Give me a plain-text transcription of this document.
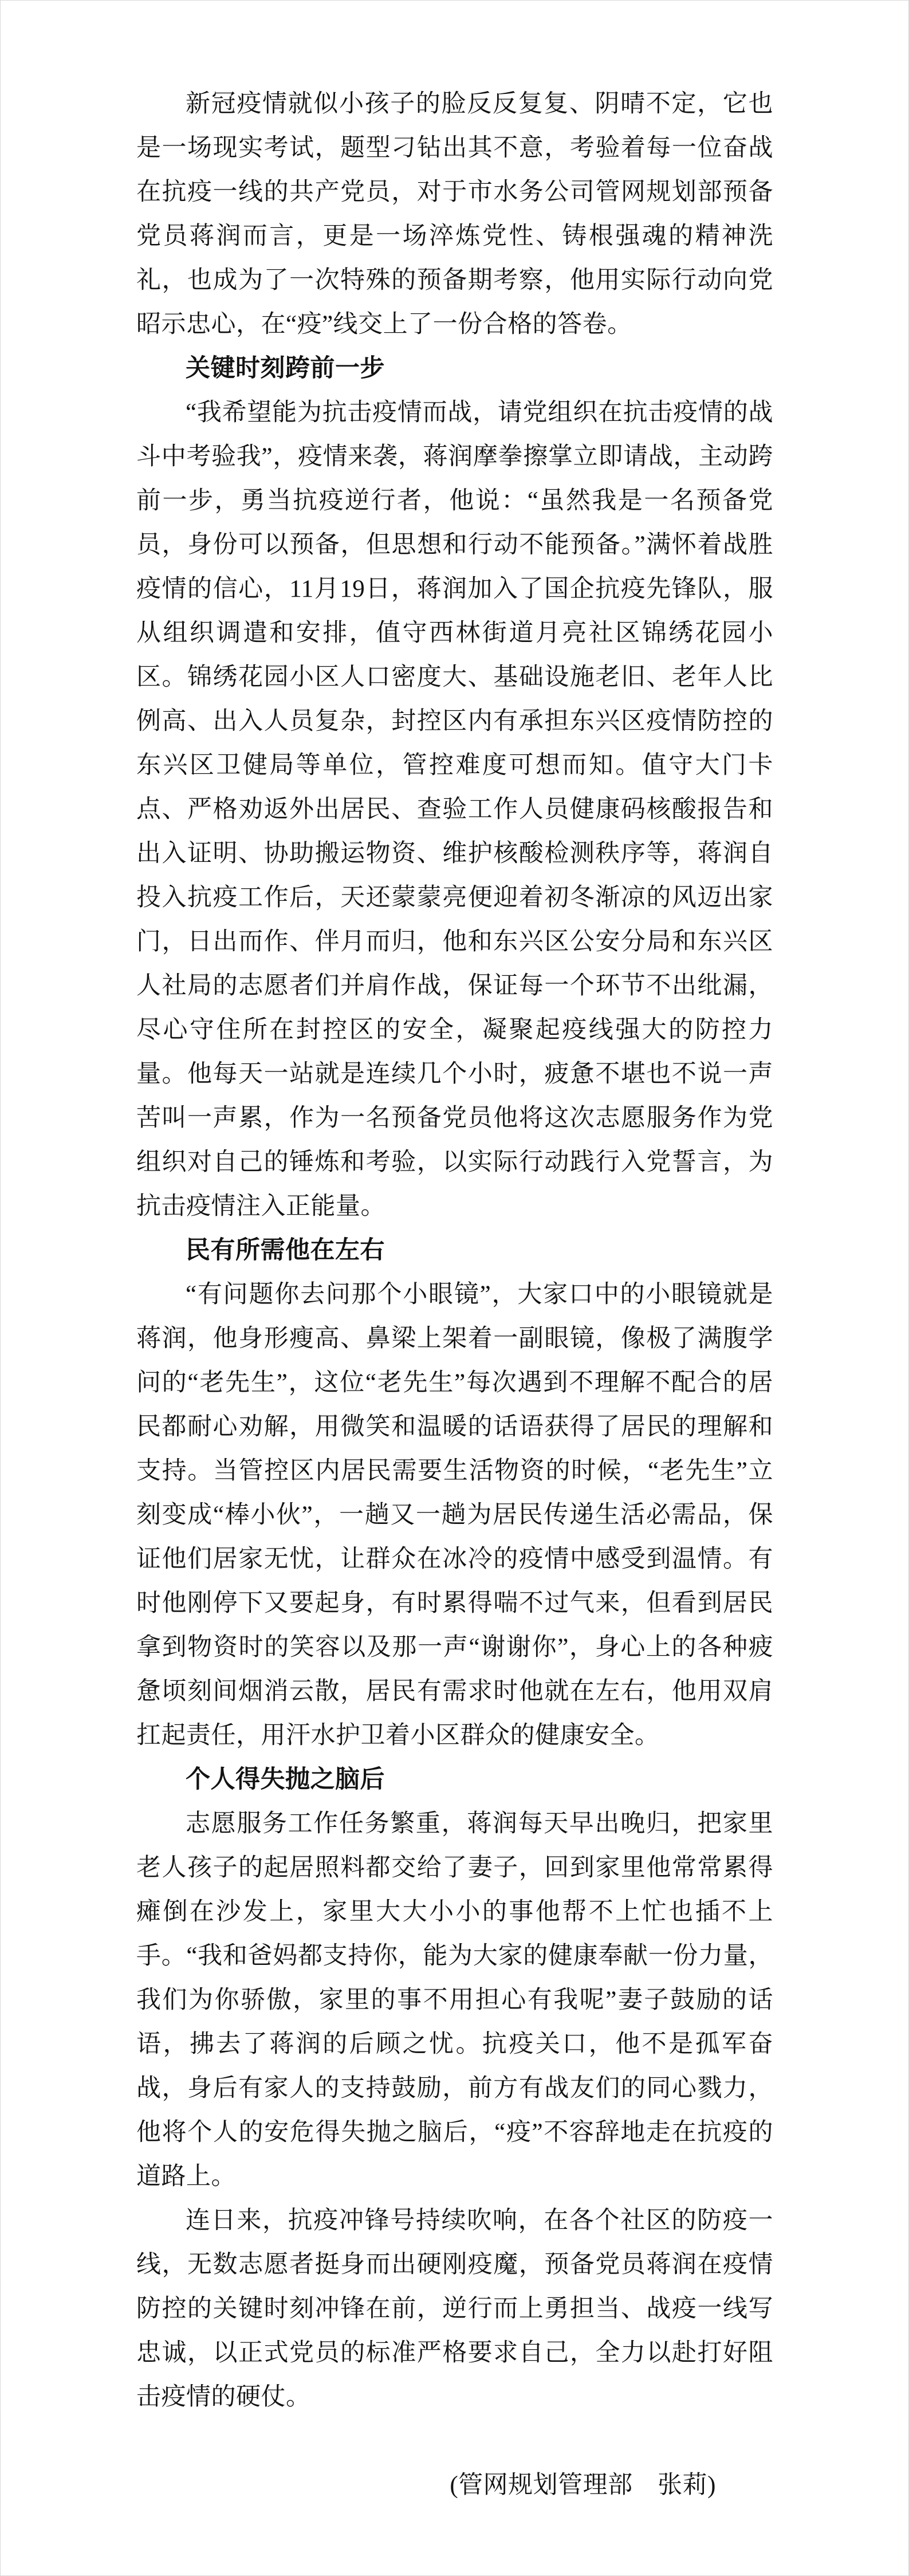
新冠疫情就似小孩子的脸反反复复、阴晴不定，它也是一场现实考试，题型刁钻出其不意，考验着每一位奋战在抗疫一线的共产党员，对于市水务公司管网规划部预备党员蒋润而言，更是一场淬炼党性、铸根强魂的精神洗礼，也成为了一次特殊的预备期考察，他用实际行动向党昭示忠心，在“疫”线交上了一份合格的答卷。

关键时刻跨前一步

“我希望能为抗击疫情而战，请党组织在抗击疫情的战斗中考验我”，疫情来袭，蒋润摩拳擦掌立即请战，主动跨前一步，勇当抗疫逆行者，他说：“虽然我是一名预备党员，身份可以预备，但思想和行动不能预备。”满怀着战胜疫情的信心，11月19日，蒋润加入了国企抗疫先锋队，服从组织调遣和安排，值守西林街道月亮社区锦绣花园小区。锦绣花园小区人口密度大、基础设施老旧、老年人比例高、出入人员复杂，封控区内有承担东兴区疫情防控的东兴区卫健局等单位，管控难度可想而知。值守大门卡点、严格劝返外出居民、查验工作人员健康码核酸报告和出入证明、协助搬运物资、维护核酸检测秩序等，蒋润自投入抗疫工作后，天还蒙蒙亮便迎着初冬渐凉的风迈出家门，日出而作、伴月而归，他和东兴区公安分局和东兴区人社局的志愿者们并肩作战，保证每一个环节不出纰漏，尽心守住所在封控区的安全，凝聚起疫线强大的防控力量。他每天一站就是连续几个小时，疲惫不堪也不说一声苦叫一声累，作为一名预备党员他将这次志愿服务作为党组织对自己的锤炼和考验，以实际行动践行入党誓言，为抗击疫情注入正能量。

民有所需他在左右

“有问题你去问那个小眼镜”，大家口中的小眼镜就是蒋润，他身形瘦高、鼻梁上架着一副眼镜，像极了满腹学问的“老先生”，这位“老先生”每次遇到不理解不配合的居民都耐心劝解，用微笑和温暖的话语获得了居民的理解和支持。当管控区内居民需要生活物资的时候，“老先生”立刻变成“棒小伙”，一趟又一趟为居民传递生活必需品，保证他们居家无忧，让群众在冰冷的疫情中感受到温情。有时他刚停下又要起身，有时累得喘不过气来，但看到居民拿到物资时的笑容以及那一声“谢谢你”，身心上的各种疲惫顷刻间烟消云散，居民有需求时他就在左右，他用双肩扛起责任，用汗水护卫着小区群众的健康安全。

个人得失抛之脑后

志愿服务工作任务繁重，蒋润每天早出晚归，把家里老人孩子的起居照料都交给了妻子，回到家里他常常累得瘫倒在沙发上，家里大大小小的事他帮不上忙也插不上手。“我和爸妈都支持你，能为大家的健康奉献一份力量，我们为你骄傲，家里的事不用担心有我呢”妻子鼓励的话语，拂去了蒋润的后顾之忧。抗疫关口，他不是孤军奋战，身后有家人的支持鼓励，前方有战友们的同心戮力，他将个人的安危得失抛之脑后，“疫”不容辞地走在抗疫的道路上。

连日来，抗疫冲锋号持续吹响，在各个社区的防疫一线，无数志愿者挺身而出硬刚疫魔，预备党员蒋润在疫情防控的关键时刻冲锋在前，逆行而上勇担当、战疫一线写忠诚，以正式党员的标准严格要求自己，全力以赴打好阻击疫情的硬仗。

(管网规划管理部　张莉)
